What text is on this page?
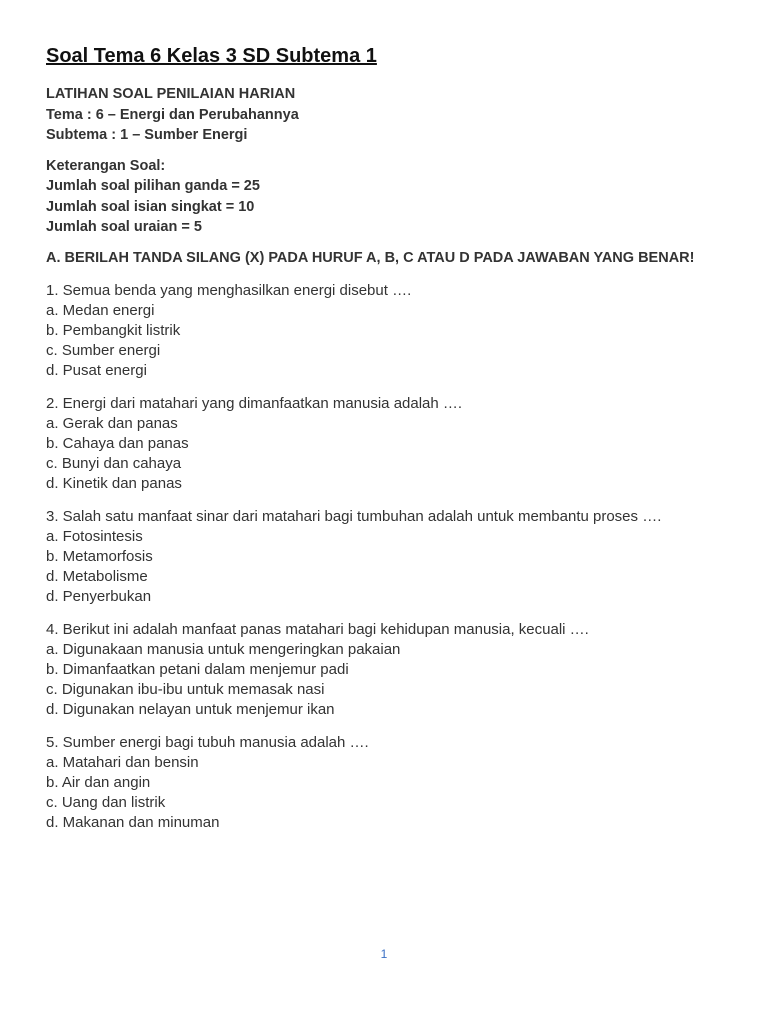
Soal Tema 6 Kelas 3 SD Subtema 1
LATIHAN SOAL PENILAIAN HARIAN
Tema : 6 – Energi dan Perubahannya
Subtema : 1 – Sumber Energi
Keterangan Soal:
Jumlah soal pilihan ganda = 25
Jumlah soal isian singkat = 10
Jumlah soal uraian = 5
A. BERILAH TANDA SILANG (X) PADA HURUF A, B, C ATAU D PADA JAWABAN YANG BENAR!
1. Semua benda yang menghasilkan energi disebut ….
a. Medan energi
b. Pembangkit listrik
c. Sumber energi
d. Pusat energi
2. Energi dari matahari yang dimanfaatkan manusia adalah ….
a. Gerak dan panas
b. Cahaya dan panas
c. Bunyi dan cahaya
d. Kinetik dan panas
3. Salah satu manfaat sinar dari matahari bagi tumbuhan adalah untuk membantu proses ….
a. Fotosintesis
b. Metamorfosis
d. Metabolisme
d. Penyerbukan
4. Berikut ini adalah manfaat panas matahari bagi kehidupan manusia, kecuali ….
a. Digunakaan manusia untuk mengeringkan pakaian
b. Dimanfaatkan petani dalam menjemur padi
c. Digunakan ibu-ibu untuk memasak nasi
d. Digunakan nelayan untuk menjemur ikan
5. Sumber energi bagi tubuh manusia adalah ….
a. Matahari dan bensin
b. Air dan angin
c. Uang dan listrik
d. Makanan dan minuman
1
